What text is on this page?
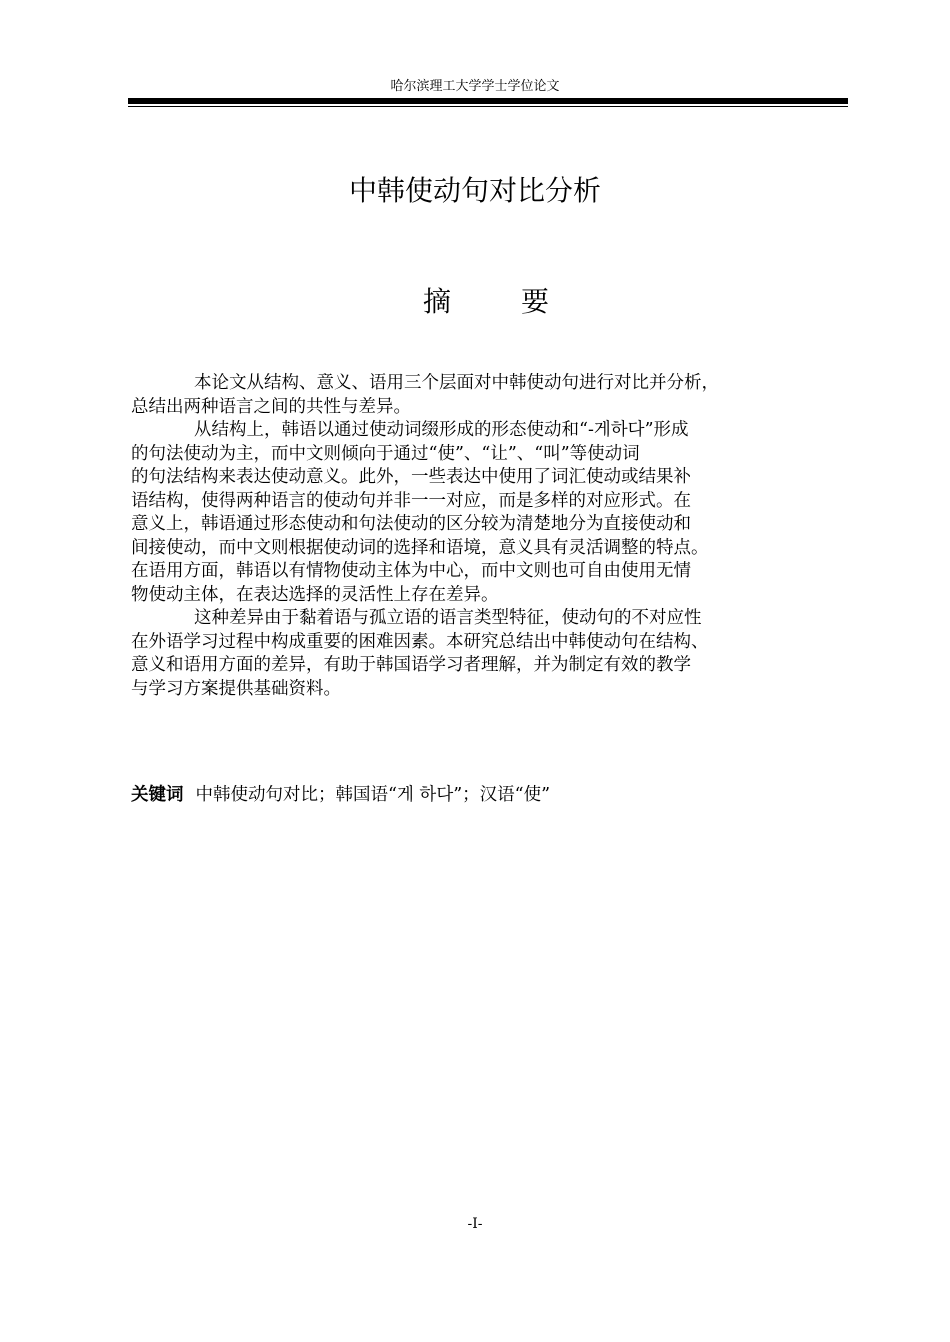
哈尔滨理工大学学士学位论文
中韩使动句对比分析
摘 要
本论文从结构、意义、语用三个层面对中韩使动句进行对比并分析，
总结出两种语言之间的共性与差异。
从结构上，韩语以通过使动词缀形成的形态使动和“-게하다”形成
的句法使动为主，而中文则倾向于通过“使”、“让”、“叫”等使动词
的句法结构来表达使动意义。此外，一些表达中使用了词汇使动或结果补
语结构，使得两种语言的使动句并非一一对应，而是多样的对应形式。在
意义上，韩语通过形态使动和句法使动的区分较为清楚地分为直接使动和
间接使动，而中文则根据使动词的选择和语境，意义具有灵活调整的特点。
在语用方面，韩语以有情物使动主体为中心，而中文则也可自由使用无情
物使动主体，在表达选择的灵活性上存在差异。
这种差异由于黏着语与孤立语的语言类型特征，使动句的不对应性
在外语学习过程中构成重要的困难因素。本研究总结出中韩使动句在结构、
意义和语用方面的差异，有助于韩国语学习者理解，并为制定有效的教学
与学习方案提供基础资料。
关键词 中韩使动句对比；韩国语“게 하다”；汉语“使”
-I-
